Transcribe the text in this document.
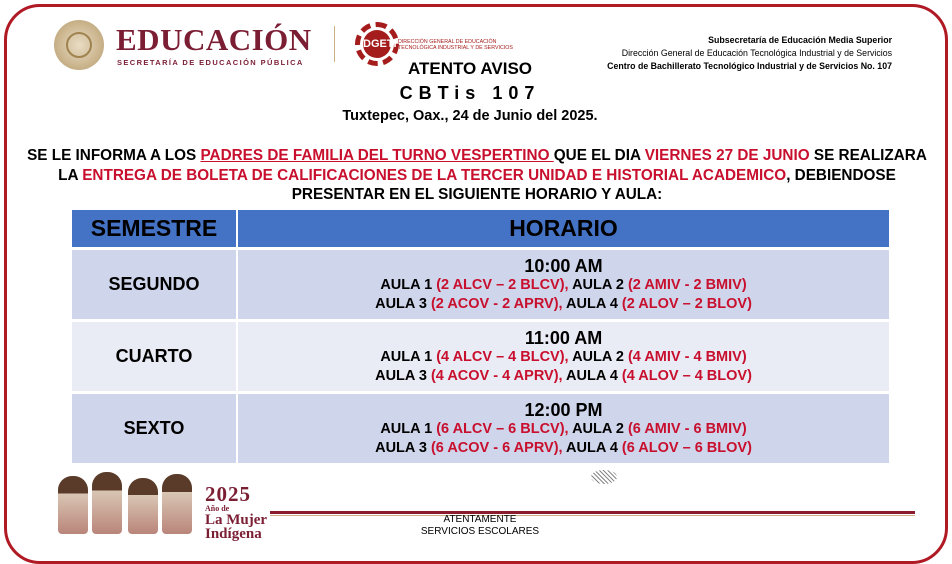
EDUCACIÓN
SECRETARÍA DE EDUCACIÓN PÚBLICA
DGETI DIRECCIÓN GENERAL DE EDUCACIÓN TECNOLÓGICA INDUSTRIAL Y DE SERVICIOS
Subsecretaría de Educación Media Superior
Dirección General de Educación Tecnológica Industrial y de Servicios
Centro de Bachillerato Tecnológico Industrial y de Servicios No. 107
ATENTO AVISO
CBTis 107
Tuxtepec, Oax., 24 de Junio del 2025.
SE LE INFORMA A LOS PADRES DE FAMILIA DEL TURNO VESPERTINO QUE EL DIA VIERNES 27 DE JUNIO SE REALIZARA LA ENTREGA DE BOLETA DE CALIFICACIONES DE LA TERCER UNIDAD E HISTORIAL ACADEMICO, DEBIENDOSE PRESENTAR EN EL SIGUIENTE HORARIO Y AULA:
SEMESTRE	HORARIO
SEGUNDO
10:00 AM
AULA 1 (2 ALCV – 2 BLCV), AULA 2 (2 AMIV - 2 BMIV)
AULA 3 (2 ACOV - 2 APRV), AULA 4 (2 ALOV – 2 BLOV)
CUARTO
11:00 AM
AULA 1 (4 ALCV – 4 BLCV), AULA 2 (4 AMIV - 4 BMIV)
AULA 3 (4 ACOV - 4 APRV), AULA 4 (4 ALOV – 4 BLOV)
SEXTO
12:00 PM
AULA 1 (6 ALCV – 6 BLCV), AULA 2 (6 AMIV - 6 BMIV)
AULA 3 (6 ACOV - 6 APRV), AULA 4 (6 ALOV – 6 BLOV)
2025
Año de
La Mujer
Indígena
ATENTAMENTE
SERVICIOS ESCOLARES
